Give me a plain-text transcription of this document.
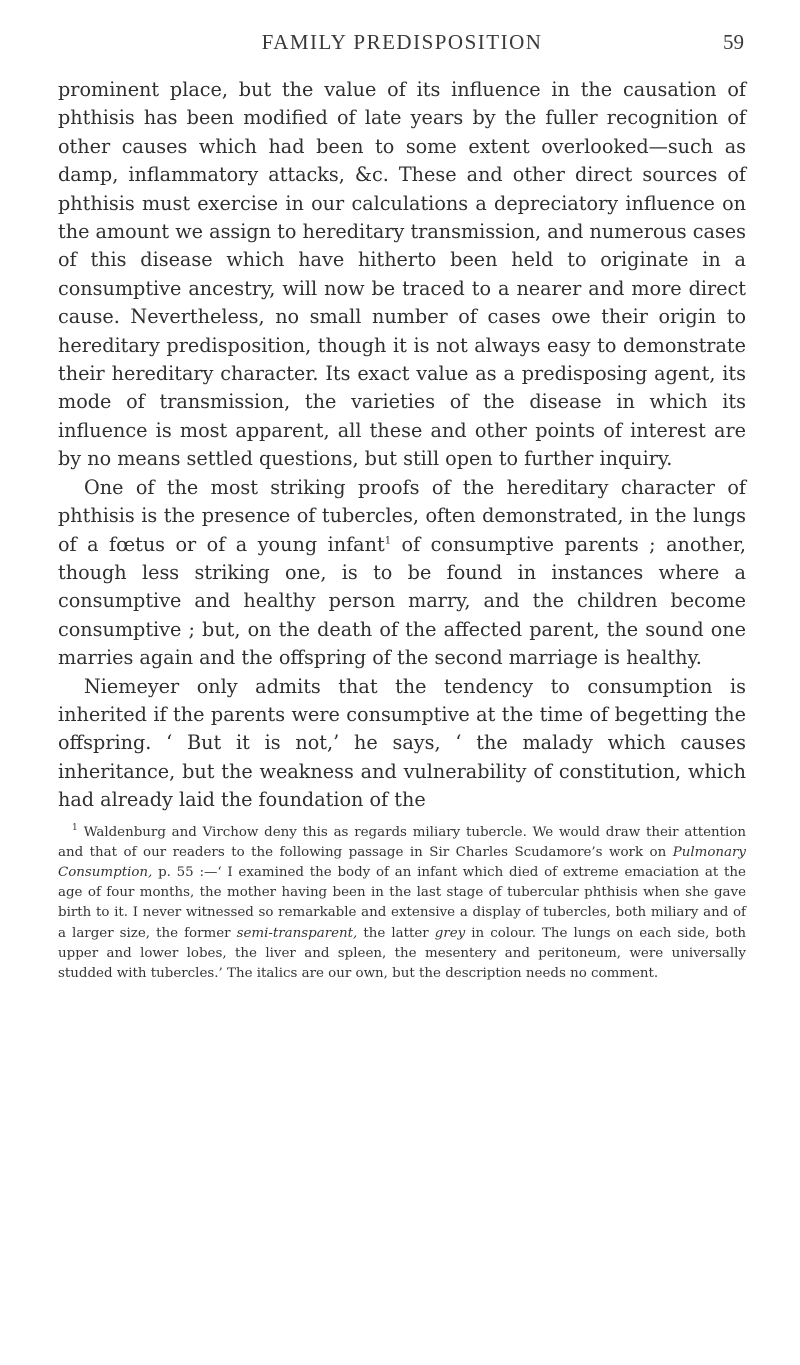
FAMILY PREDISPOSITION	59

prominent place, but the value of its influence in the causation of phthisis has been modified of late years by the fuller recognition of other causes which had been to some extent overlooked—such as damp, inflammatory attacks, &c. These and other direct sources of phthisis must exercise in our calculations a depreciatory influence on the amount we assign to hereditary transmission, and numerous cases of this disease which have hitherto been held to originate in a consumptive ancestry, will now be traced to a nearer and more direct cause. Nevertheless, no small number of cases owe their origin to hereditary predisposition, though it is not always easy to demonstrate their hereditary character. Its exact value as a predisposing agent, its mode of transmission, the varieties of the disease in which its influence is most apparent, all these and other points of interest are by no means settled questions, but still open to further inquiry.

One of the most striking proofs of the hereditary character of phthisis is the presence of tubercles, often demonstrated, in the lungs of a fœtus or of a young infant$^1$ of consumptive parents ; another, though less striking one, is to be found in instances where a consumptive and healthy person marry, and the children become consumptive ; but, on the death of the affected parent, the sound one marries again and the offspring of the second marriage is healthy.

Niemeyer only admits that the tendency to consumption is inherited if the parents were consumptive at the time of begetting the offspring. ‘ But it is not,’ he says, ‘ the malady which causes inheritance, but the weakness and vulnerability of constitution, which had already laid the foundation of the

$^1$ Waldenburg and Virchow deny this as regards miliary tubercle. We would draw their attention and that of our readers to the following passage in Sir Charles Scudamore’s work on Pulmonary Consumption, p. 55 :—‘ I examined the body of an infant which died of extreme emaciation at the age of four months, the mother having been in the last stage of tubercular phthisis when she gave birth to it. I never witnessed so remarkable and extensive a display of tubercles, both miliary and of a larger size, the former semi-transparent, the latter grey in colour. The lungs on each side, both upper and lower lobes, the liver and spleen, the mesentery and peritoneum, were universally studded with tubercles.’ The italics are our own, but the description needs no comment.
